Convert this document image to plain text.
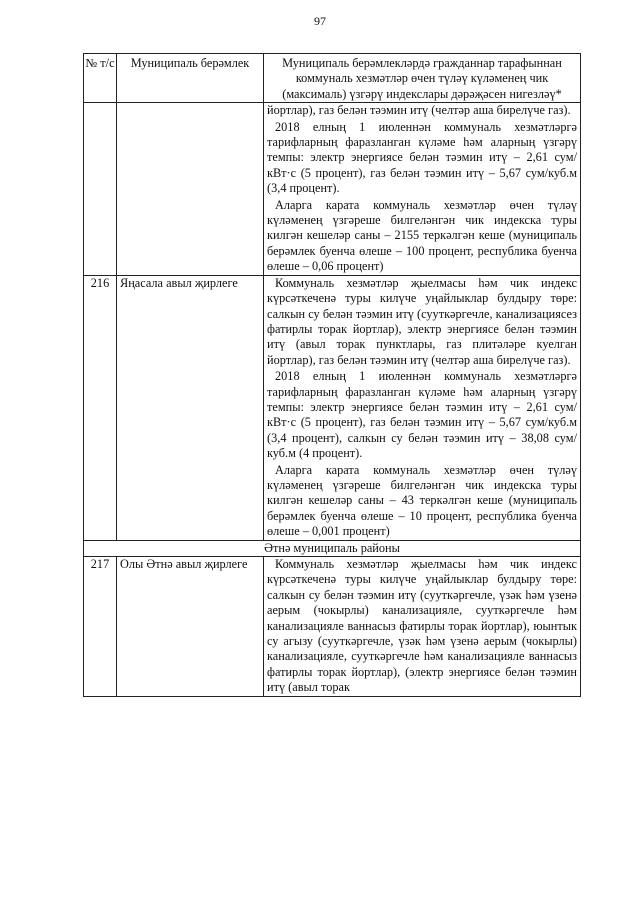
97
№ т/с	Муниципаль берәмлек	Муниципаль берәмлекләрдә гражданнар тарафыннан коммуналь хезмәтләр өчен түләү күләменең чик (максималь) үзгәрү индекслары дәрәҗәсен нигезләү*

		йортлар), газ белән тәэмин итү (челтәр аша бирелүче газ).
2018 елның 1 июленнән коммуналь хезмәтләргә тарифларның фаразланган күләме һәм аларның үзгәрү темпы: электр энергиясе белән тәэмин итү – 2,61 сум/кВт·с (5 процент), газ белән тәэмин итү – 5,67 сум/куб.м (3,4 процент).
Аларга карата коммуналь хезмәтләр өчен түләү күләменең үзгәреше билгеләнгән чик индекска туры килгән кешеләр саны – 2155 теркәлгән кеше (муниципаль берәмлек буенча өлеше – 100 процент, республика буенча өлеше – 0,06 процент)

216	Яңасала авыл җирлеге	Коммуналь хезмәтләр җыелмасы һәм чик индекс күрсәткеченә туры килүче уңайлыклар булдыру төре: салкын су белән тәэмин итү (сууткәргечле, канализациясез фатирлы торак йортлар), электр энергиясе белән тәэмин итү (авыл торак пунктлары, газ плитәләре куелган йортлар), газ белән тәэмин итү (челтәр аша бирелүче газ).
2018 елның 1 июленнән коммуналь хезмәтләргә тарифларның фаразланган күләме һәм аларның үзгәрү темпы: электр энергиясе белән тәэмин итү – 2,61 сум/кВт·с (5 процент), газ белән тәэмин итү – 5,67 сум/куб.м (3,4 процент), салкын су белән тәэмин итү – 38,08 сум/куб.м (4 процент).
Аларга карата коммуналь хезмәтләр өчен түләү күләменең үзгәреше билгеләнгән чик индекска туры килгән кешеләр саны – 43 теркәлгән кеше (муниципаль берәмлек буенча өлеше – 10 процент, республика буенча өлеше – 0,001 процент)

Әтнә муниципаль районы		
217	Олы Әтнә авыл җирлеге	Коммуналь хезмәтләр җыелмасы һәм чик индекс күрсәткеченә туры килүче уңайлыклар булдыру төре: салкын су белән тәэмин итү (сууткәргечле, үзәк һәм үзенә аерым (чокырлы) канализацияле, сууткәргечле һәм канализацияле ваннасыз фатирлы торак йортлар), юынтык су агызу (сууткәргечле, үзәк һәм үзенә аерым (чокырлы) канализацияле, сууткәргечле һәм канализацияле ваннасыз фатирлы торак йортлар), (электр энергиясе белән тәэмин итү (авыл торак
